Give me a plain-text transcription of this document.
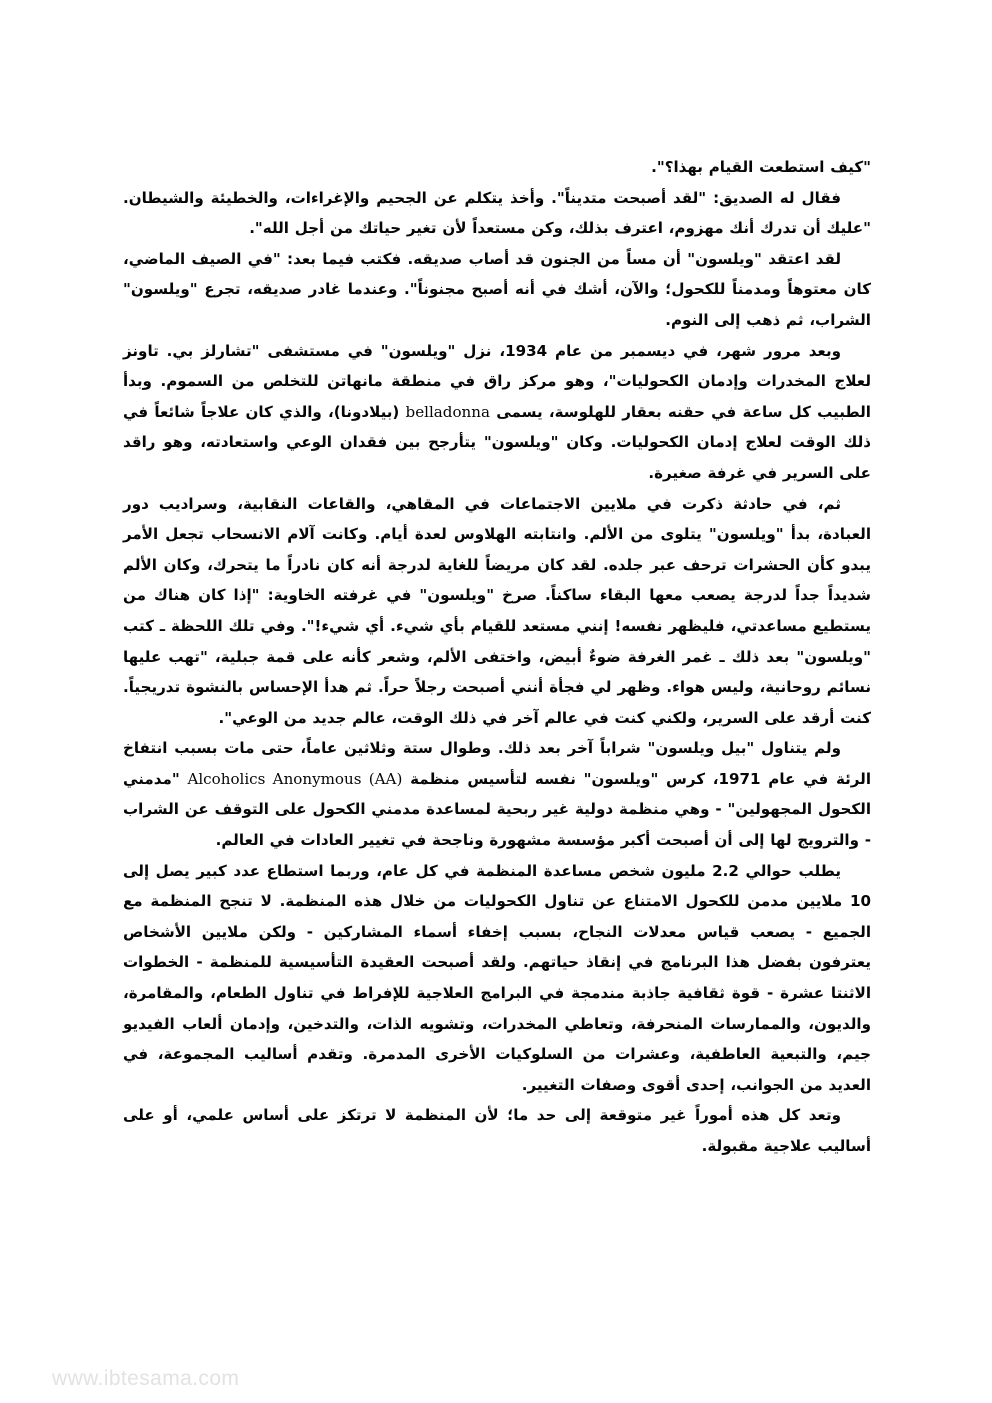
"كيف استطعت القيام بهذا؟".

فقال له الصديق: "لقد أصبحت متديناً". وأخذ يتكلم عن الجحيم والإغراءات، والخطيئة والشيطان. "عليك أن تدرك أنك مهزوم، اعترف بذلك، وكن مستعداً لأن تغير حياتك من أجل الله".

لقد اعتقد "ويلسون" أن مساً من الجنون قد أصاب صديقه. فكتب فيما بعد: "في الصيف الماضي، كان معتوهاً ومدمناً للكحول؛ والآن، أشك في أنه أصبح مجنوناً". وعندما غادر صديقه، تجرع "ويلسون" الشراب، ثم ذهب إلى النوم.

وبعد مرور شهر، في ديسمبر من عام 1934، نزل "ويلسون" في مستشفى "تشارلز بي. تاونز لعلاج المخدرات وإدمان الكحوليات"، وهو مركز راق في منطقة مانهاتن للتخلص من السموم. وبدأ الطبيب كل ساعة في حقنه بعقار للهلوسة، يسمى belladonna (بيلادونا)، والذي كان علاجاً شائعاً في ذلك الوقت لعلاج إدمان الكحوليات. وكان "ويلسون" يتأرجح بين فقدان الوعي واستعادته، وهو راقد على السرير في غرفة صغيرة.

ثم، في حادثة ذكرت في ملايين الاجتماعات في المقاهي، والقاعات النقابية، وسراديب دور العبادة، بدأ "ويلسون" يتلوى من الألم. وانتابته الهلاوس لعدة أيام. وكانت آلام الانسحاب تجعل الأمر يبدو كأن الحشرات ترحف عبر جلده. لقد كان مريضاً للغاية لدرجة أنه كان نادراً ما يتحرك، وكان الألم شديداً جداً لدرجة يصعب معها البقاء ساكناً. صرخ "ويلسون" في غرفته الخاوية: "إذا كان هناك من يستطيع مساعدتي، فليظهر نفسه! إنني مستعد للقيام بأي شيء. أي شيء!". وفي تلك اللحظة ـ كتب "ويلسون" بعد ذلك ـ غمر الغرفة ضوءٌ أبيض، واختفى الألم، وشعر كأنه على قمة جبلية، "تهب عليها نسائم روحانية، وليس هواء. وظهر لي فجأة أنني أصبحت رجلاً حراً. ثم هدأ الإحساس بالنشوة تدريجياً. كنت أرقد على السرير، ولكني كنت في عالم آخر في ذلك الوقت، عالم جديد من الوعي".

ولم يتناول "بيل ويلسون" شراباً آخر بعد ذلك. وطوال ستة وثلاثين عاماً، حتى مات بسبب انتفاخ الرئة في عام 1971، كرس "ويلسون" نفسه لتأسيس منظمة Alcoholics Anonymous (AA) "مدمني الكحول المجهولين" - وهي منظمة دولية غير ربحية لمساعدة مدمني الكحول على التوقف عن الشراب - والترويج لها إلى أن أصبحت أكبر مؤسسة مشهورة وناجحة في تغيير العادات في العالم.

يطلب حوالي 2.2 مليون شخص مساعدة المنظمة في كل عام، وربما استطاع عدد كبير يصل إلى 10 ملايين مدمن للكحول الامتناع عن تناول الكحوليات من خلال هذه المنظمة. لا تنجح المنظمة مع الجميع - يصعب قياس معدلات النجاح، بسبب إخفاء أسماء المشاركين - ولكن ملايين الأشخاص يعترفون بفضل هذا البرنامج في إنقاذ حياتهم. ولقد أصبحت العقيدة التأسيسية للمنظمة - الخطوات الاثنتا عشرة - قوة ثقافية جاذبة مندمجة في البرامج العلاجية للإفراط في تناول الطعام، والمقامرة، والديون، والممارسات المنحرفة، وتعاطي المخدرات، وتشويه الذات، والتدخين، وإدمان ألعاب الفيديو جيم، والتبعية العاطفية، وعشرات من السلوكيات الأخرى المدمرة. وتقدم أساليب المجموعة، في العديد من الجوانب، إحدى أقوى وصفات التغيير.

وتعد كل هذه أموراً غير متوقعة إلى حد ما؛ لأن المنظمة لا ترتكز على أساس علمي، أو على أساليب علاجية مقبولة.

www.ibtesama.com
